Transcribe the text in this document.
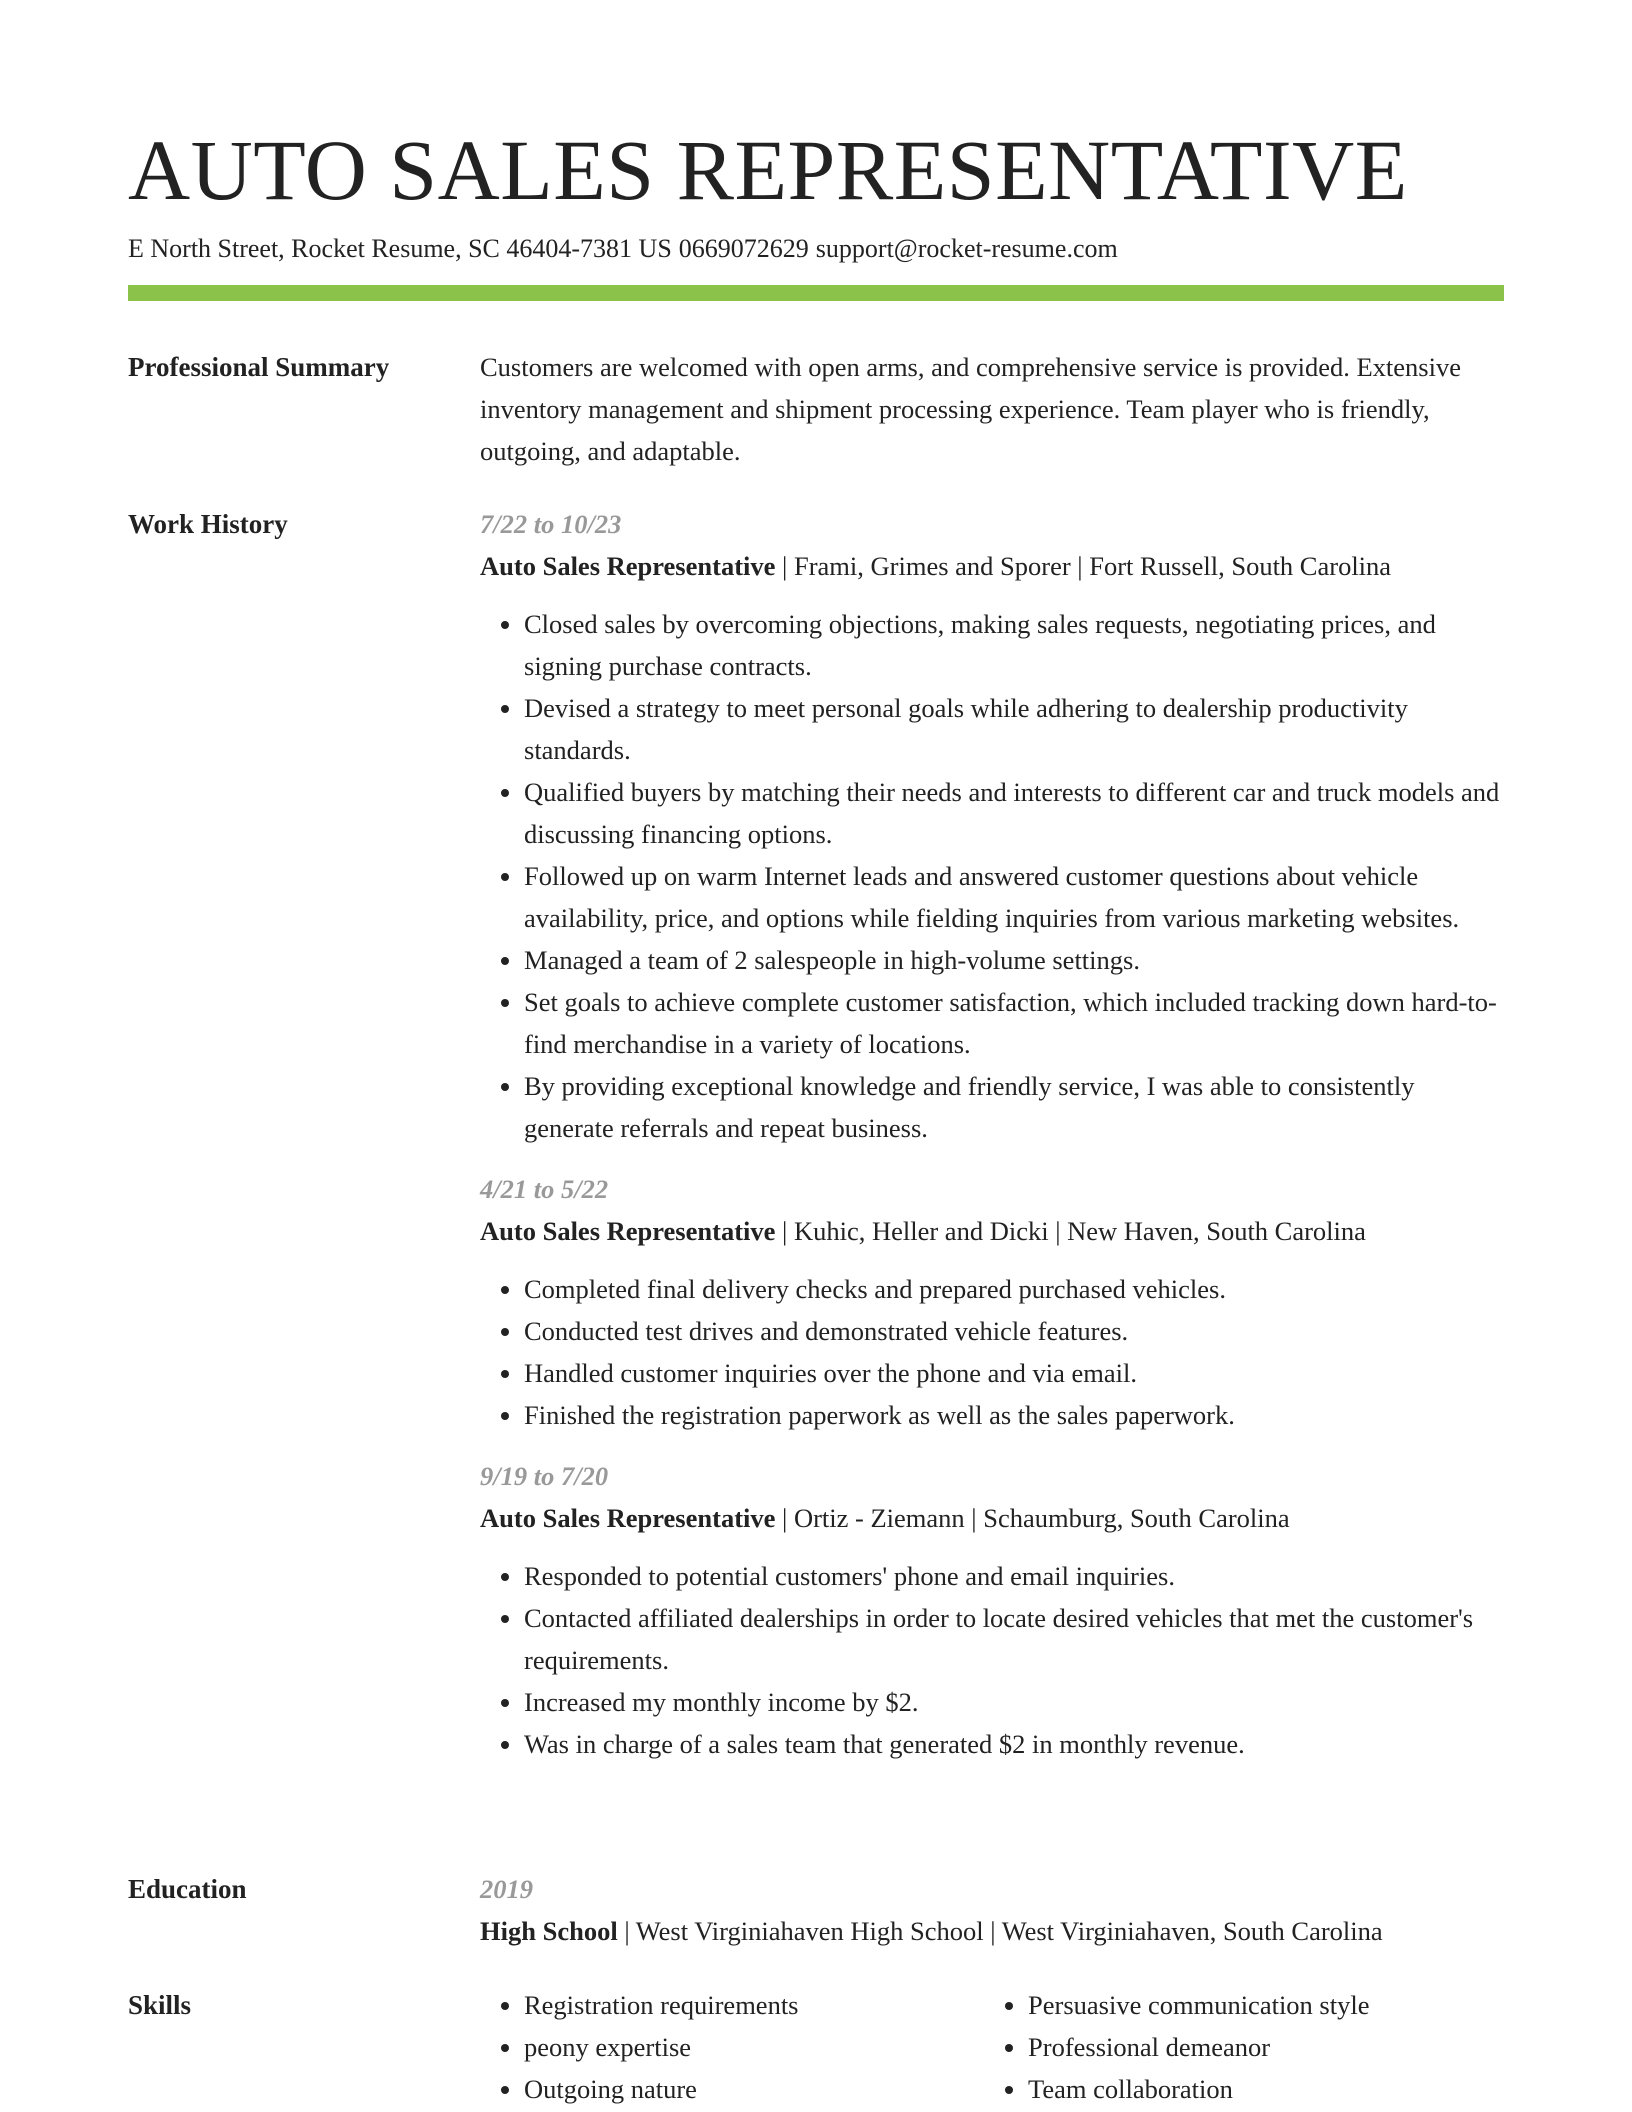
AUTO SALES REPRESENTATIVE
E North Street, Rocket Resume, SC 46404-7381 US 0669072629 support@rocket-resume.com
Professional Summary	Customers are welcomed with open arms, and comprehensive service is provided. Extensive inventory management and shipment processing experience. Team player who is friendly, outgoing, and adaptable.

Work History	7/22 to 10/23
Auto Sales Representative | Frami, Grimes and Sporer | Fort Russell, South Carolina
• Closed sales by overcoming objections, making sales requests, negotiating prices, and signing purchase contracts.
• Devised a strategy to meet personal goals while adhering to dealership productivity standards.
• Qualified buyers by matching their needs and interests to different car and truck models and discussing financing options.
• Followed up on warm Internet leads and answered customer questions about vehicle availability, price, and options while fielding inquiries from various marketing websites.
• Managed a team of 2 salespeople in high-volume settings.
• Set goals to achieve complete customer satisfaction, which included tracking down hard-to-find merchandise in a variety of locations.
• By providing exceptional knowledge and friendly service, I was able to consistently generate referrals and repeat business.
4/21 to 5/22
Auto Sales Representative | Kuhic, Heller and Dicki | New Haven, South Carolina
• Completed final delivery checks and prepared purchased vehicles.
• Conducted test drives and demonstrated vehicle features.
• Handled customer inquiries over the phone and via email.
• Finished the registration paperwork as well as the sales paperwork.
9/19 to 7/20
Auto Sales Representative | Ortiz - Ziemann | Schaumburg, South Carolina
• Responded to potential customers' phone and email inquiries.
• Contacted affiliated dealerships in order to locate desired vehicles that met the customer's requirements.
• Increased my monthly income by $2.
• Was in charge of a sales team that generated $2 in monthly revenue.
Education	2019
High School | West Virginiahaven High School | West Virginiahaven, South Carolina
Skills
•	Registration requirements
• peony expertise
• Outgoing nature
• Persuasive communication style
• Professional demeanor
• Team collaboration
